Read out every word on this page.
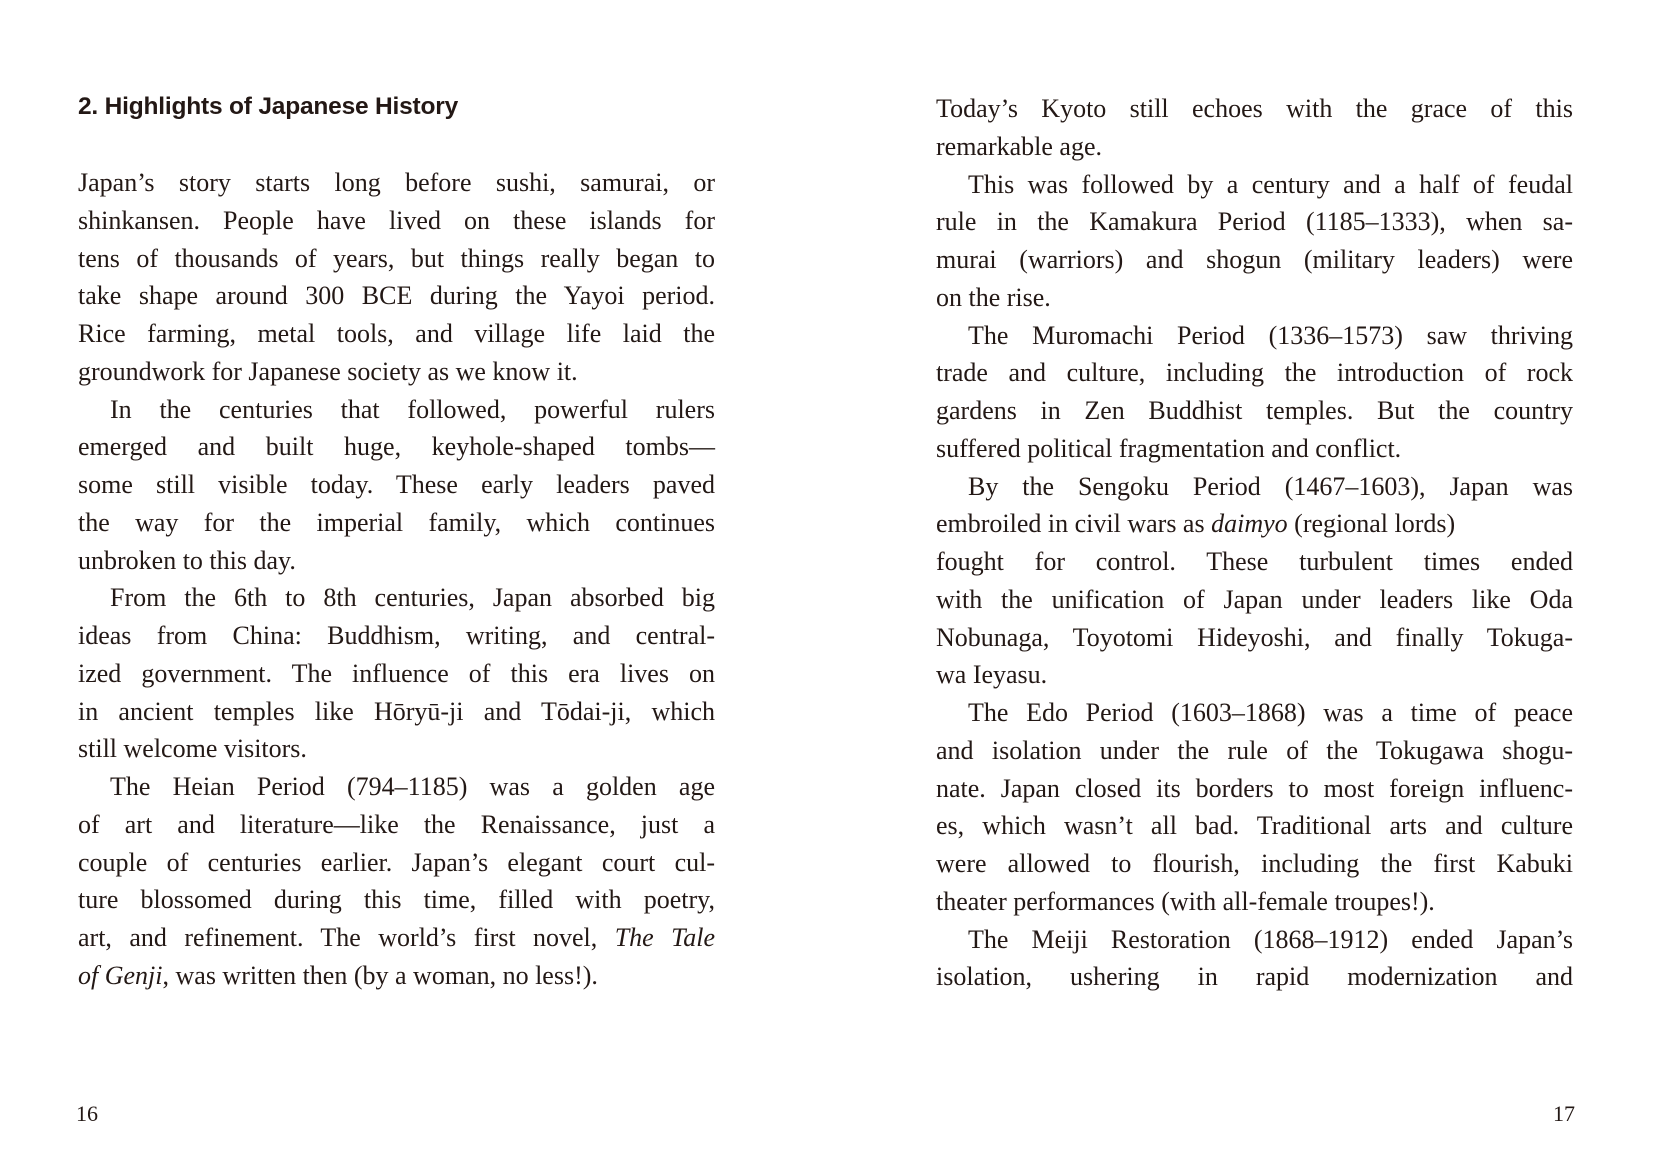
2. Highlights of Japanese History
Japan’s story starts long before sushi, samurai, or
shinkansen. People have lived on these islands for
tens of thousands of years, but things really began to
take shape around 300 BCE during the Yayoi period.
Rice farming, metal tools, and village life laid the
groundwork for Japanese society as we know it.
In the centuries that followed, powerful rulers
emerged and built huge, keyhole-shaped tombs—
some still visible today. These early leaders paved
the way for the imperial family, which continues
unbroken to this day.
From the 6th to 8th centuries, Japan absorbed big
ideas from China: Buddhism, writing, and central-
ized government. The influence of this era lives on
in ancient temples like Hōryū-ji and Tōdai-ji, which
still welcome visitors.
The Heian Period (794–1185) was a golden age
of art and literature—like the Renaissance, just a
couple of centuries earlier. Japan’s elegant court cul-
ture blossomed during this time, filled with poetry,
art, and refinement. The world’s first novel, The Tale
of Genji, was written then (by a woman, no less!).
16
Today’s Kyoto still echoes with the grace of this
remarkable age.
This was followed by a century and a half of feudal
rule in the Kamakura Period (1185–1333), when sa-
murai (warriors) and shogun (military leaders) were
on the rise.
The Muromachi Period (1336–1573) saw thriving
trade and culture, including the introduction of rock
gardens in Zen Buddhist temples. But the country
suffered political fragmentation and conflict.
By the Sengoku Period (1467–1603), Japan was
embroiled in civil wars as daimyo (regional lords)
fought for control. These turbulent times ended
with the unification of Japan under leaders like Oda
Nobunaga, Toyotomi Hideyoshi, and finally Tokuga-
wa Ieyasu.
The Edo Period (1603–1868) was a time of peace
and isolation under the rule of the Tokugawa shogu-
nate. Japan closed its borders to most foreign influenc-
es, which wasn’t all bad. Traditional arts and culture
were allowed to flourish, including the first Kabuki
theater performances (with all-female troupes!).
The Meiji Restoration (1868–1912) ended Japan’s
isolation, ushering in rapid modernization and
17
